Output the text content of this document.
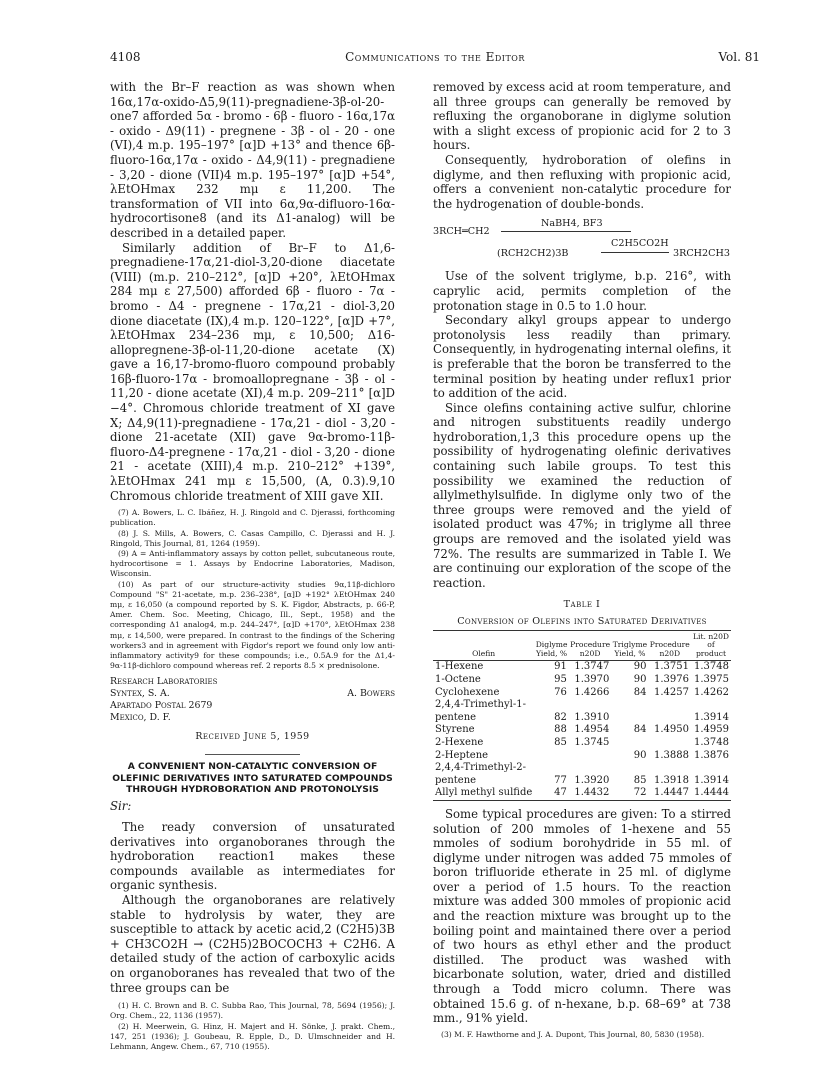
4108	Communications to the Editor	Vol. 81

with the Br–F reaction as was shown when 16α,17α-oxido-Δ5,9(11)-pregnadiene-3β-ol-20-one7 afforded 5α - bromo - 6β - fluoro - 16α,17α - oxido - Δ9(11) - pregnene - 3β - ol - 20 - one (VI),4 m.p. 195–197° [α]D +13° and thence 6β-fluoro-16α,17α - oxido - Δ4,9(11) - pregnadiene - 3,20 - dione (VII)4 m.p. 195–197° [α]D +54°, λEtOHmax 232 mμ ε 11,200. The transformation of VII into 6α,9α-difluoro-16α-hydrocortisone8 (and its Δ1-analog) will be described in a detailed paper.

Similarly addition of Br–F to Δ1,6-pregnadiene-17α,21-diol-3,20-dione diacetate (VIII) (m.p. 210–212°, [α]D +20°, λEtOHmax 284 mμ ε 27,500) afforded 6β - fluoro - 7α - bromo - Δ4 - pregnene - 17α,21 - diol-3,20 dione diacetate (IX),4 m.p. 120–122°, [α]D +7°, λEtOHmax 234–236 mμ, ε 10,500; Δ16-allopregnene-3β-ol-11,20-dione acetate (X) gave a 16,17-bromo-fluoro compound probably 16β-fluoro-17α - bromoallopregnane - 3β - ol - 11,20 - dione acetate (XI),4 m.p. 209–211° [α]D −4°. Chromous chloride treatment of XI gave X; Δ4,9(11)-pregnadiene - 17α,21 - diol - 3,20 - dione 21-acetate (XII) gave 9α-bromo-11β-fluoro-Δ4-pregnene - 17α,21 - diol - 3,20 - dione 21 - acetate (XIII),4 m.p. 210–212° +139°, λEtOHmax 241 mμ ε 15,500, (A, 0.3).9,10 Chromous chloride treatment of XIII gave XII.

(7) A. Bowers, L. C. Ibáñez, H. J. Ringold and C. Djerassi, forthcoming publication.

(8) J. S. Mills, A. Bowers, C. Casas Campillo, C. Djerassi and H. J. Ringold, This Journal, 81, 1264 (1959).

(9) A = Anti-inflammatory assays by cotton pellet, subcutaneous route, hydrocortisone = 1. Assays by Endocrine Laboratories, Madison, Wisconsin.

(10) As part of our structure-activity studies 9α,11β-dichloro Compound "S" 21-acetate, m.p. 236–238°, [α]D +192° λEtOHmax 240 mμ, ε 16,050 (a compound reported by S. K. Figdor, Abstracts, p. 66-P, Amer. Chem. Soc. Meeting, Chicago, Ill., Sept., 1958) and the corresponding Δ1 analog4, m.p. 244–247°, [α]D +170°, λEtOHmax 238 mμ, ε 14,500, were prepared. In contrast to the findings of the Schering workers3 and in agreement with Figdor's report we found only low anti-inflammatory activity9 for these compounds; i.e., 0.5A.9 for the Δ1,4-9α-11β-dichloro compound whereas ref. 2 reports 8.5 × prednisolone.

Research Laboratories
Syntex, S. A.	A. Bowers
Apartado Postal 2679
Mexico, D. F.
Received June 5, 1959
A CONVENIENT NON-CATALYTIC CONVERSION OF OLEFINIC DERIVATIVES INTO SATURATED COMPOUNDS THROUGH HYDROBORATION AND PROTONOLYSIS
Sir:

The ready conversion of unsaturated derivatives into organoboranes through the hydroboration reaction1 makes these compounds available as intermediates for organic synthesis.

Although the organoboranes are relatively stable to hydrolysis by water, they are susceptible to attack by acetic acid,2 (C2H5)3B + CH3CO2H → (C2H5)2BOCOCH3 + C2H6. A detailed study of the action of carboxylic acids on organoboranes has revealed that two of the three groups can be

(1) H. C. Brown and B. C. Subba Rao, This Journal, 78, 5694 (1956); J. Org. Chem., 22, 1136 (1957).

(2) H. Meerwein, G. Hinz, H. Majert and H. Sönke, J. prakt. Chem., 147, 251 (1936); J. Goubeau, R. Epple, D., D. Ulmschneider and H. Lehmann, Angew. Chem., 67, 710 (1955).

removed by excess acid at room temperature, and all three groups can generally be removed by refluxing the organoborane in diglyme solution with a slight excess of propionic acid for 2 to 3 hours.

Consequently, hydroboration of olefins in diglyme, and then refluxing with propionic acid, offers a convenient non-catalytic procedure for the hydrogenation of double-bonds.

3RCH═CH2
NaBH4, BF3
(RCH2CH2)3B
C2H5CO2H
3RCH2CH3

Use of the solvent triglyme, b.p. 216°, with caprylic acid, permits completion of the protonation stage in 0.5 to 1.0 hour.

Secondary alkyl groups appear to undergo protonolysis less readily than primary. Consequently, in hydrogenating internal olefins, it is preferable that the boron be transferred to the terminal position by heating under reflux1 prior to addition of the acid.

Since olefins containing active sulfur, chlorine and nitrogen substituents readily undergo hydroboration,1,3 this procedure opens up the possibility of hydrogenating olefinic derivatives containing such labile groups. To test this possibility we examined the reduction of allylmethylsulfide. In diglyme only two of the three groups were removed and the yield of isolated product was 47%; in triglyme all three groups are removed and the isolated yield was 72%. The results are summarized in Table I. We are continuing our exploration of the scope of the reaction.

Table I
Conversion of Olefins into Saturated Derivatives
Olefin	Diglyme Yield, %	Procedure n20D	Triglyme Yield, %	Procedure n20D	Lit. n20D of product
1-Hexene	91	1.3747	90	1.3751	1.3748
1-Octene	95	1.3970	90	1.3976	1.3975
Cyclohexene	76	1.4266	84	1.4257	1.4262
2,4,4-Trimethyl-1-					
pentene	82	1.3910			1.3914
Styrene	88	1.4954	84	1.4950	1.4959
2-Hexene	85	1.3745			1.3748
2-Heptene			90	1.3888	1.3876
2,4,4-Trimethyl-2-					
pentene	77	1.3920	85	1.3918	1.3914
Allyl methyl sulfide	47	1.4432	72	1.4447	1.4444

Some typical procedures are given: To a stirred solution of 200 mmoles of 1-hexene and 55 mmoles of sodium borohydride in 55 ml. of diglyme under nitrogen was added 75 mmoles of boron trifluoride etherate in 25 ml. of diglyme over a period of 1.5 hours. To the reaction mixture was added 300 mmoles of propionic acid and the reaction mixture was brought up to the boiling point and maintained there over a period of two hours as ethyl ether and the product distilled. The product was washed with bicarbonate solution, water, dried and distilled through a Todd micro column. There was obtained 15.6 g. of n-hexane, b.p. 68–69° at 738 mm., 91% yield.

(3) M. F. Hawthorne and J. A. Dupont, This Journal, 80, 5830 (1958).
